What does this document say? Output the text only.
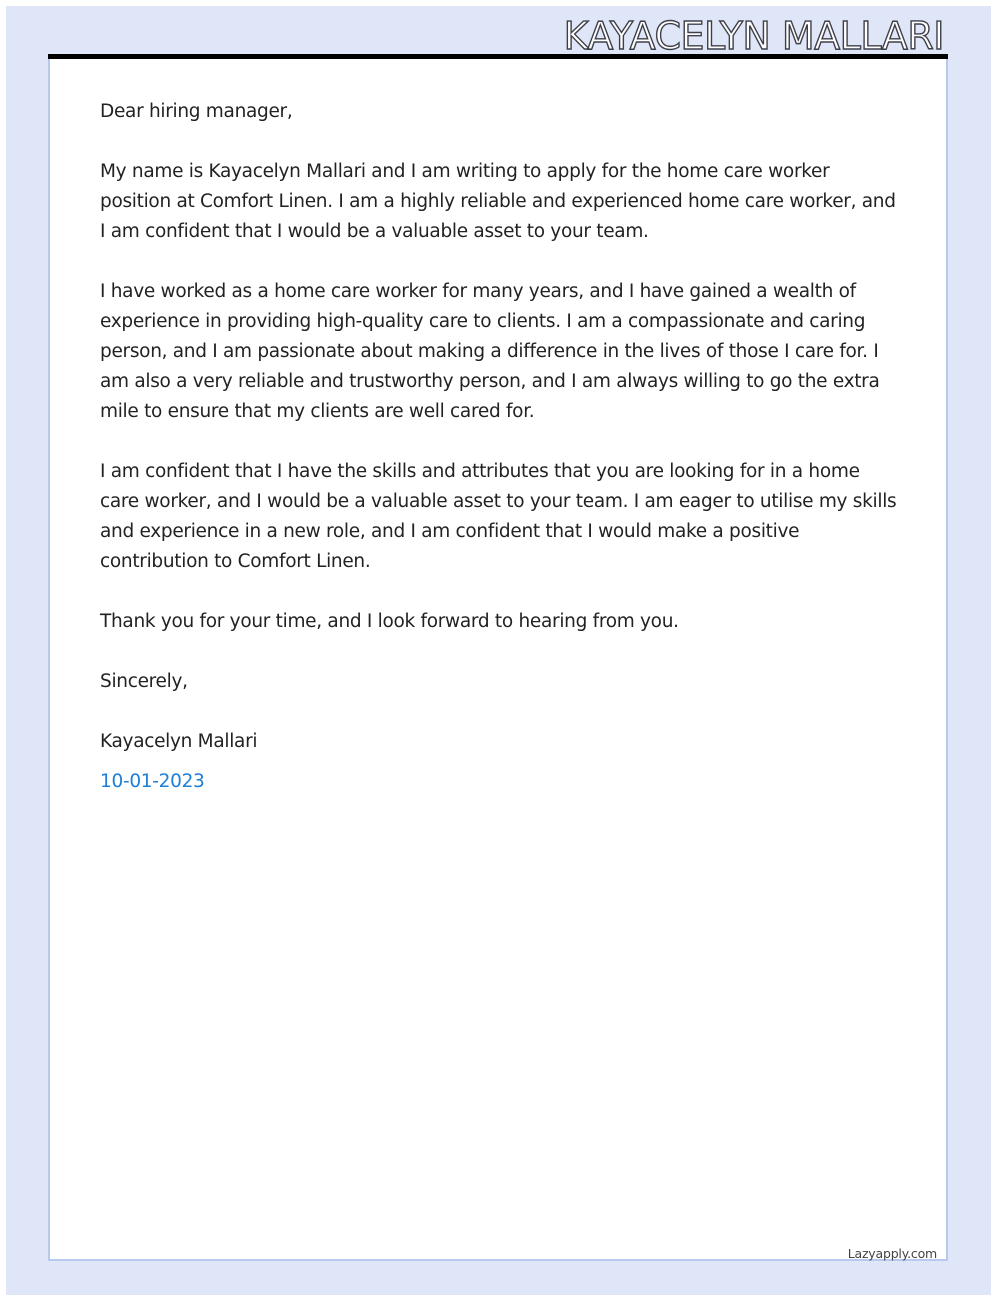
KAYACELYN MALLARI

Dear hiring manager,

My name is Kayacelyn Mallari and I am writing to apply for the home care worker position at Comfort Linen. I am a highly reliable and experienced home care worker, and I am confident that I would be a valuable asset to your team.

I have worked as a home care worker for many years, and I have gained a wealth of experience in providing high-quality care to clients. I am a compassionate and caring person, and I am passionate about making a difference in the lives of those I care for. I am also a very reliable and trustworthy person, and I am always willing to go the extra mile to ensure that my clients are well cared for.

I am confident that I have the skills and attributes that you are looking for in a home care worker, and I would be a valuable asset to your team. I am eager to utilise my skills and experience in a new role, and I am confident that I would make a positive contribution to Comfort Linen.

Thank you for your time, and I look forward to hearing from you.

Sincerely,

Kayacelyn Mallari

10-01-2023

Lazyapply.com
